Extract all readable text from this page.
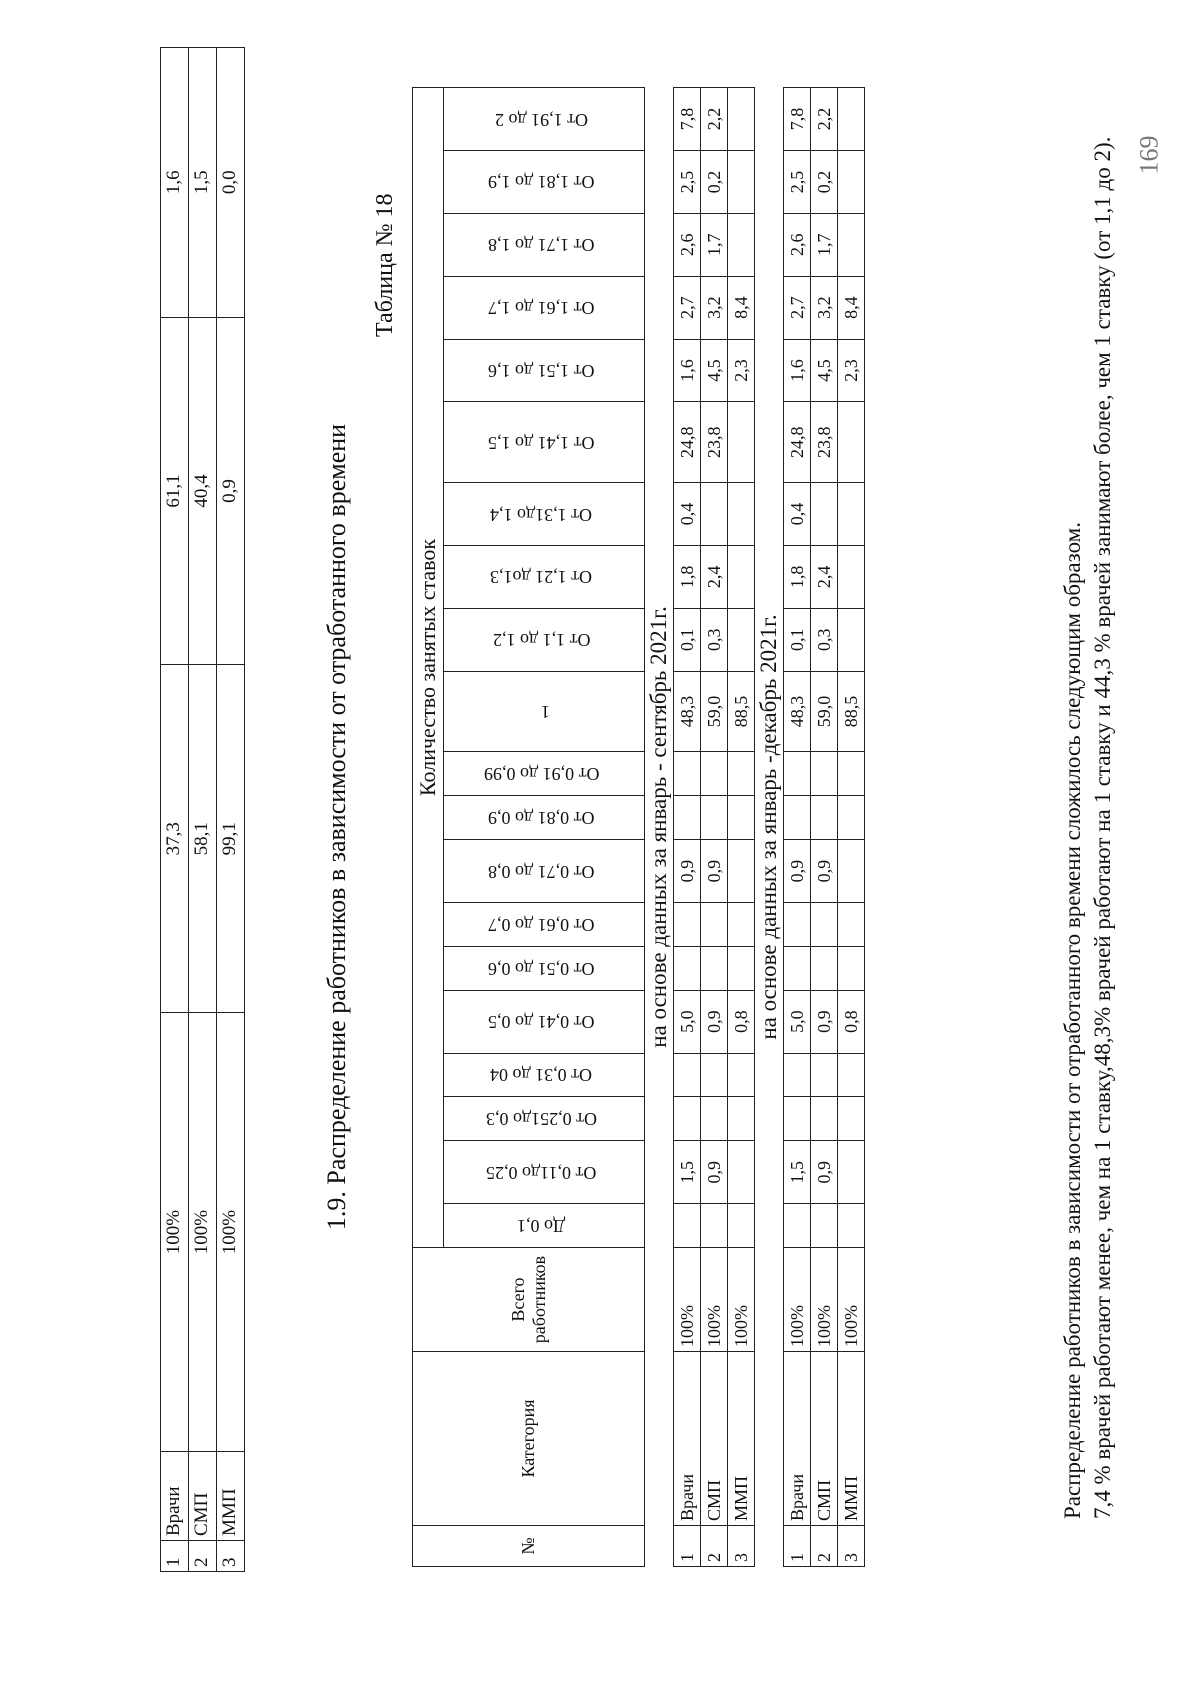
1	Врачи	100%	37,3	61,1	1,6
2	СМП	100%	58,1	40,4	1,5
3	ММП	100%	99,1	0,9	0,0
1.9. Распределение работников в зависимости от отработанного времени
Таблица № 18
№	Категория	Всего работников	Количество занятых ставок																			
			До 0,1	От 0,11до 0,25	От 0,251до 0,3	От 0,31 до 04	От 0,41 до 0,5	От 0,51 до 0,6	От 0,61 до 0,7	От 0,71 до 0,8	От 0,81 до 0,9	От 0,91 до 0,99	1	От 1,1 до 1,2	От 1,21 до1,3	От 1,31до 1,4	От 1,41 до 1,5	От 1,51 до 1,6	От 1,61 до 1,7	От 1,71 до 1,8	От 1,81 до 1,9	От 1,91 до 2
на основе данных за январь - сентябрь 2021г.																						
1	Врачи	100%		1,5			5,0			0,9			48,3	0,1	1,8	0,4	24,8	1,6	2,7	2,6	2,5	7,8
2	СМП	100%		0,9			0,9			0,9			59,0	0,3	2,4		23,8	4,5	3,2	1,7	0,2	2,2
3	ММП	100%					0,8						88,5					2,3	8,4			
на основе данных за январь -декабрь 2021г.																						
1	Врачи	100%		1,5			5,0			0,9			48,3	0,1	1,8	0,4	24,8	1,6	2,7	2,6	2,5	7,8
2	СМП	100%		0,9			0,9			0,9			59,0	0,3	2,4		23,8	4,5	3,2	1,7	0,2	2,2
3	ММП	100%					0,8						88,5					2,3	8,4			

Распределение работников в зависимости от отработанного времени сложилось следующим образом. 7,4 % врачей работают менее, чем на 1 ставку,48,3% врачей работают на 1 ставку и 44,3 % врачей занимают более, чем 1 ставку (от 1,1 до 2). 169
